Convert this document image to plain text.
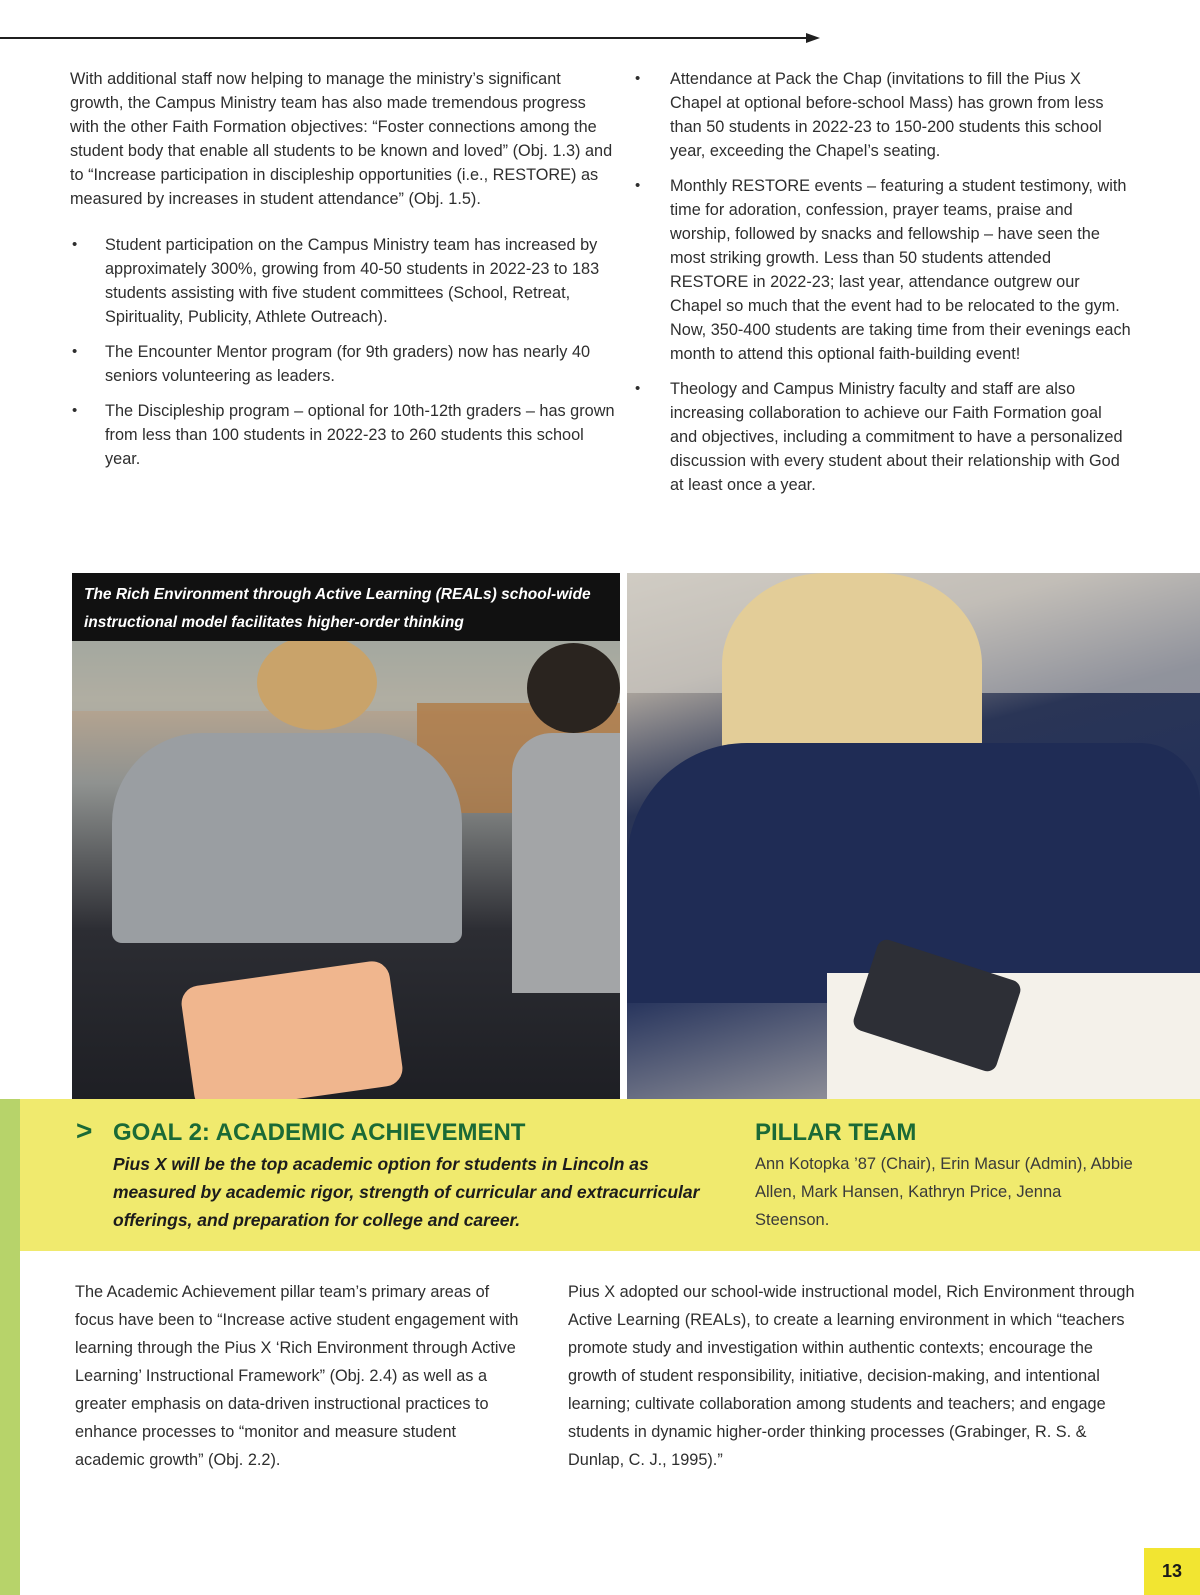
With additional staff now helping to manage the ministry’s significant growth, the Campus Ministry team has also made tremendous progress with the other Faith Formation objectives: “Foster connections among the student body that enable all students to be known and loved” (Obj. 1.3) and to “Increase participation in discipleship opportunities (i.e., RESTORE) as measured by increases in student attendance” (Obj. 1.5).

• Student participation on the Campus Ministry team has increased by approximately 300%, growing from 40-50 students in 2022-23 to 183 students assisting with five student committees (School, Retreat, Spirituality, Publicity, Athlete Outreach).
• The Encounter Mentor program (for 9th graders) now has nearly 40 seniors volunteering as leaders.
• The Discipleship program – optional for 10th-12th graders – has grown from less than 100 students in 2022-23 to 260 students this school year.
• Attendance at Pack the Chap (invitations to fill the Pius X Chapel at optional before-school Mass) has grown from less than 50 students in 2022-23 to 150-200 students this school year, exceeding the Chapel’s seating.
• Monthly RESTORE events – featuring a student testimony, with time for adoration, confession, prayer teams, praise and worship, followed by snacks and fellowship – have seen the most striking growth. Less than 50 students attended RESTORE in 2022-23; last year, attendance outgrew our Chapel so much that the event had to be relocated to the gym. Now, 350-400 students are taking time from their evenings each month to attend this optional faith-building event!
• Theology and Campus Ministry faculty and staff are also increasing collaboration to achieve our Faith Formation goal and objectives, including a commitment to have a personalized discussion with every student about their relationship with God at least once a year.

The Rich Environment through Active Learning (REALs) school-wide instructional model facilitates higher-order thinking

> GOAL 2: ACADEMIC ACHIEVEMENT

Pius X will be the top academic option for students in Lincoln as measured by academic rigor, strength of curricular and extracurricular offerings, and preparation for college and career.

PILLAR TEAM

Ann Kotopka ’87 (Chair), Erin Masur (Admin), Abbie Allen, Mark Hansen, Kathryn Price, Jenna Steenson.

The Academic Achievement pillar team’s primary areas of focus have been to “Increase active student engagement with learning through the Pius X ‘Rich Environment through Active Learning’ Instructional Framework” (Obj. 2.4) as well as a greater emphasis on data-driven instructional practices to enhance processes to “monitor and measure student academic growth” (Obj. 2.2).

Pius X adopted our school-wide instructional model, Rich Environment through Active Learning (REALs), to create a learning environment in which “teachers promote study and investigation within authentic contexts; encourage the growth of student responsibility, initiative, decision-making, and intentional learning; cultivate collaboration among students and teachers; and engage students in dynamic higher-order thinking processes (Grabinger, R. S. & Dunlap, C. J., 1995).”

13
